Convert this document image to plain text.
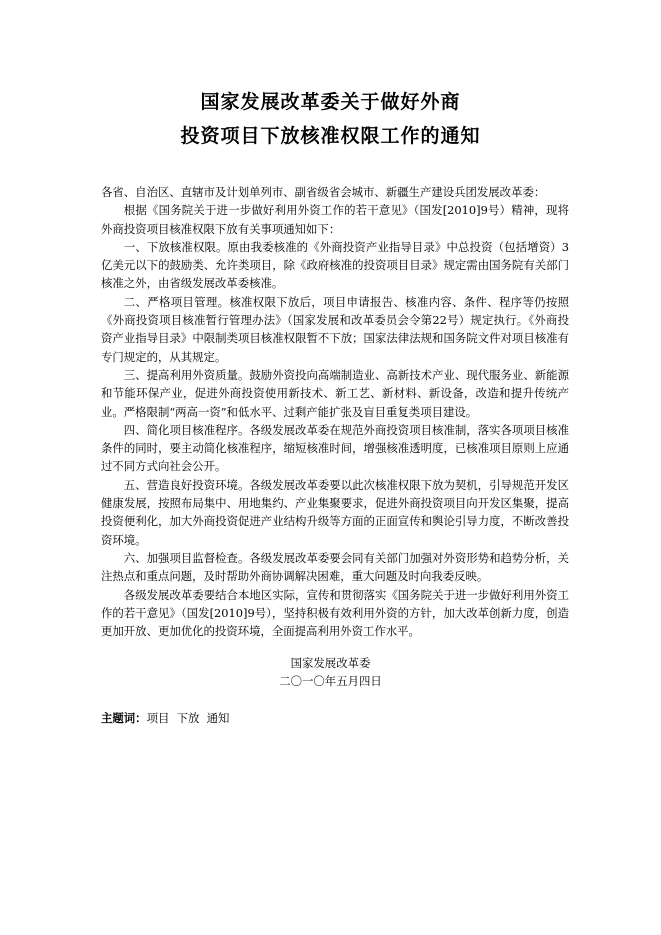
国家发展改革委关于做好外商
投资项目下放核准权限工作的通知

各省、自治区、直辖市及计划单列市、副省级省会城市、新疆生产建设兵团发展改革委：

根据《国务院关于进一步做好利用外资工作的若干意见》（国发[2010]9号）精神，现将外商投资项目核准权限下放有关事项通知如下：

一、下放核准权限。原由我委核准的《外商投资产业指导目录》中总投资（包括增资）3亿美元以下的鼓励类、允许类项目，除《政府核准的投资项目目录》规定需由国务院有关部门核准之外，由省级发展改革委核准。

二、严格项目管理。核准权限下放后，项目申请报告、核准内容、条件、程序等仍按照《外商投资项目核准暂行管理办法》（国家发展和改革委员会令第22号）规定执行。《外商投资产业指导目录》中限制类项目核准权限暂不下放；国家法律法规和国务院文件对项目核准有专门规定的，从其规定。

三、提高利用外资质量。鼓励外资投向高端制造业、高新技术产业、现代服务业、新能源和节能环保产业，促进外商投资使用新技术、新工艺、新材料、新设备，改造和提升传统产业。严格限制“两高一资”和低水平、过剩产能扩张及盲目重复类项目建设。

四、简化项目核准程序。各级发展改革委在规范外商投资项目核准制，落实各项项目核准条件的同时，要主动简化核准程序，缩短核准时间，增强核准透明度，已核准项目原则上应通过不同方式向社会公开。

五、营造良好投资环境。各级发展改革委要以此次核准权限下放为契机，引导规范开发区健康发展，按照布局集中、用地集约、产业集聚要求，促进外商投资项目向开发区集聚，提高投资便利化，加大外商投资促进产业结构升级等方面的正面宣传和舆论引导力度，不断改善投资环境。

六、加强项目监督检查。各级发展改革委要会同有关部门加强对外资形势和趋势分析，关注热点和重点问题，及时帮助外商协调解决困难，重大问题及时向我委反映。

各级发展改革委要结合本地区实际，宣传和贯彻落实《国务院关于进一步做好利用外资工作的若干意见》（国发[2010]9号），坚持积极有效利用外资的方针，加大改革创新力度，创造更加开放、更加优化的投资环境，全面提高利用外资工作水平。

国家发展改革委
二〇一〇年五月四日
主题词：项目  下放  通知
